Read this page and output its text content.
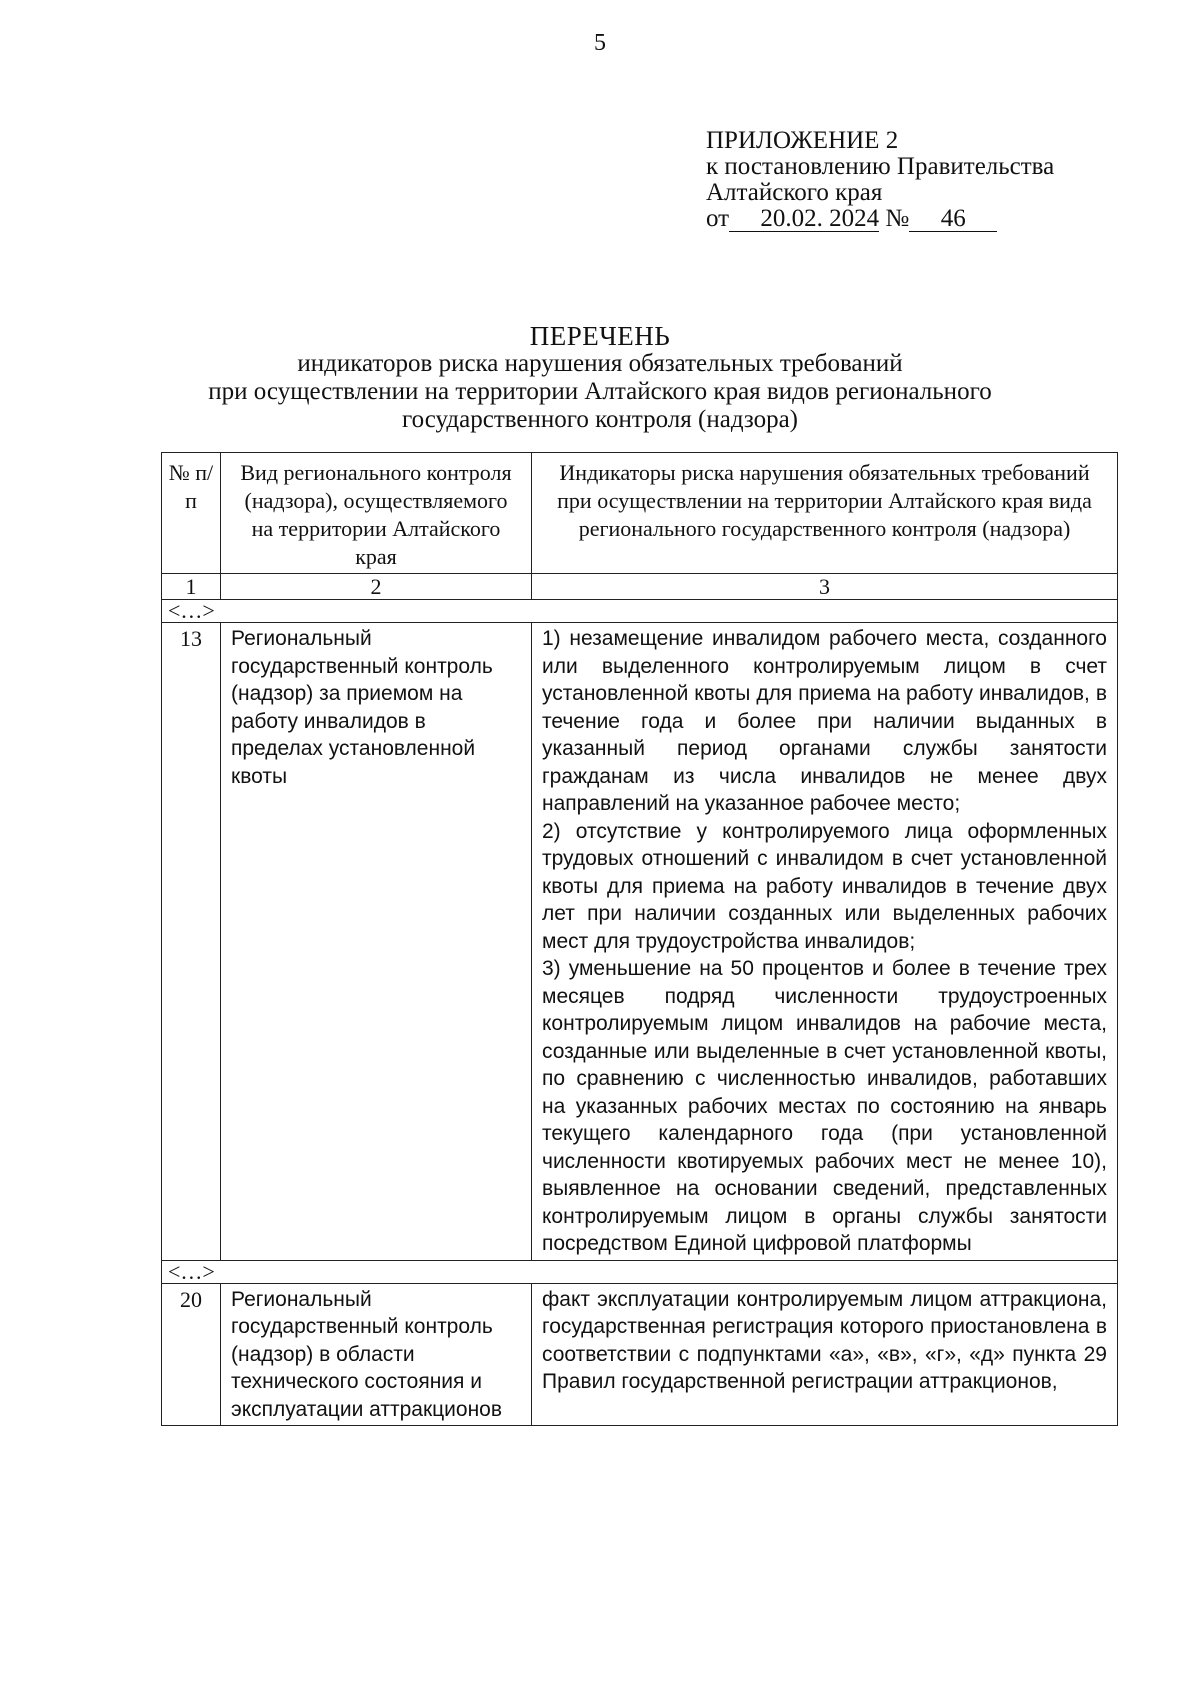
5
ПРИЛОЖЕНИЕ 2
к постановлению Правительства
Алтайского края
от 20.02. 2024 № 46
ПЕРЕЧЕНЬ
индикаторов риска нарушения обязательных требований
при осуществлении на территории Алтайского края видов регионального
государственного контроля (надзора)
№ п/п	Вид регионального контроля (надзора), осуществляемого на территории Алтайского края	Индикаторы риска нарушения обязательных требований при осуществлении на территории Алтайского края вида регионального государственного контроля (надзора)
1	2	3
<…>		
13	Региональный государственный контроль (надзор) за приемом на работу инвалидов в пределах установленной квоты	1) незамещение инвалидом рабочего места, созданного или выделенного контролируемым лицом в счет установленной квоты для приема на работу инвалидов, в течение года и более при наличии выданных в указанный период органами службы занятости гражданам из числа инвалидов не менее двух направлений на указанное рабочее место;
2) отсутствие у контролируемого лица оформленных трудовых отношений с инвалидом в счет установленной квоты для приема на работу инвалидов в течение двух лет при наличии созданных или выделенных рабочих мест для трудоустройства инвалидов;
3) уменьшение на 50 процентов и более в течение трех месяцев подряд численности трудоустроенных контролируемым лицом инвалидов на рабочие места, созданные или выделенные в счет установленной квоты, по сравнению с численностью инвалидов, работавших на указанных рабочих местах по состоянию на январь текущего календарного года (при установленной численности квотируемых рабочих мест не менее 10), выявленное на основании сведений, представленных контролируемым лицом в органы службы занятости посредством Единой цифровой платформы

<…>		
20	Региональный государственный контроль (надзор) в области технического состояния и эксплуатации аттракционов	факт эксплуатации контролируемым лицом аттракциона, государственная регистрация которого приостановлена в соответствии с подпунктами «а», «в», «г», «д» пункта 29 Правил государственной регистрации аттракционов,
